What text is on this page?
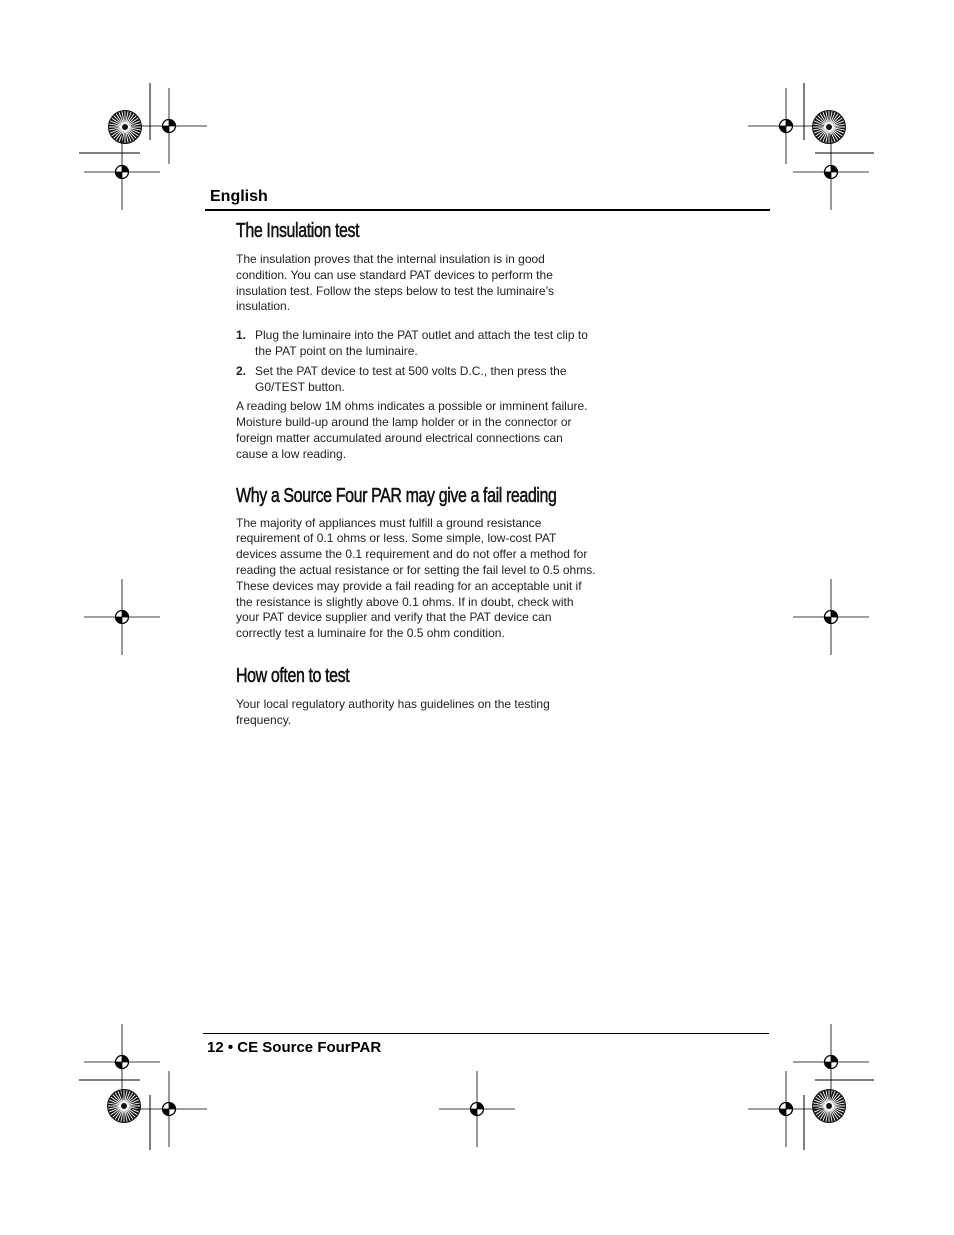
English
The Insulation test

The insulation proves that the internal insulation is in good condition. You can use standard PAT devices to perform the insulation test. Follow the steps below to test the luminaire’s insulation.

1. Plug the luminaire into the PAT outlet and attach the test clip to the PAT point on the luminaire.
2. Set the PAT device to test at 500 volts D.C., then press the G0/TEST button.

A reading below 1M ohms indicates a possible or imminent failure. Moisture build-up around the lamp holder or in the connector or foreign matter accumulated around electrical connections can cause a low reading.

Why a Source Four PAR may give a fail reading

The majority of appliances must fulfill a ground resistance requirement of 0.1 ohms or less. Some simple, low-cost PAT devices assume the 0.1 requirement and do not offer a method for reading the actual resistance or for setting the fail level to 0.5 ohms. These devices may provide a fail reading for an acceptable unit if the resistance is slightly above 0.1 ohms. If in doubt, check with your PAT device supplier and verify that the PAT device can correctly test a luminaire for the 0.5 ohm condition.

How often to test

Your local regulatory authority has guidelines on the testing frequency.

12 • CE Source FourPAR
